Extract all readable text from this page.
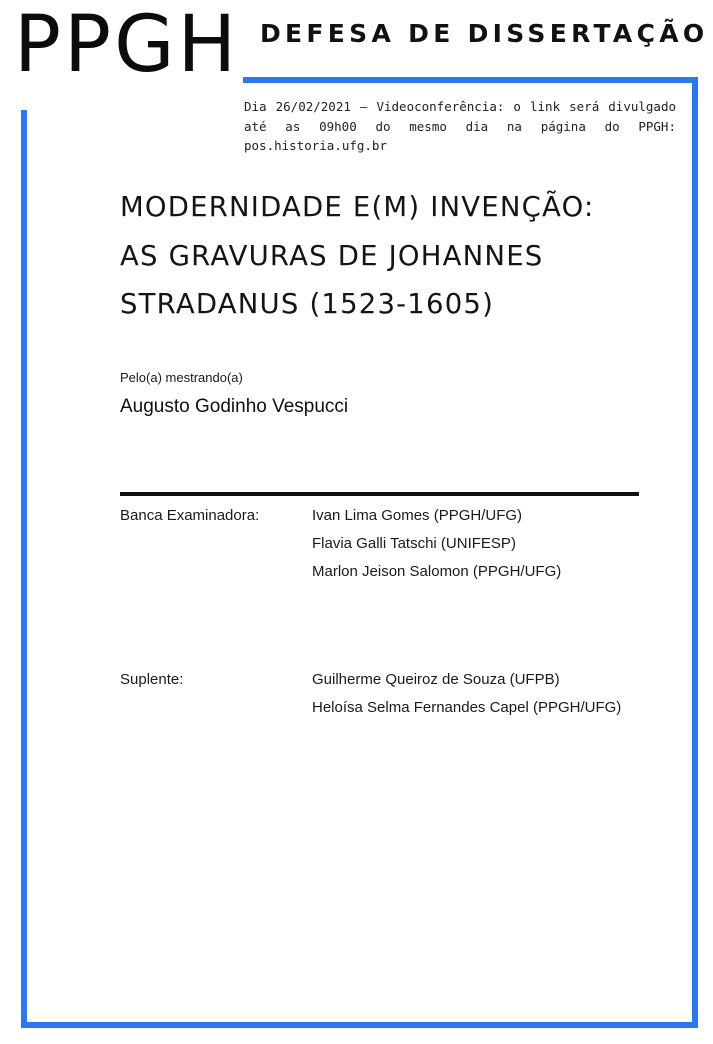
PPGH DEFESA DE DISSERTAÇÃO
Dia 26/02/2021 – Videoconferência: o link será divulgado até as 09h00 do mesmo dia na página do PPGH: pos.historia.ufg.br
MODERNIDADE E(M) INVENÇÃO:
AS GRAVURAS DE JOHANNES
STRADANUS (1523-1605)
Pelo(a) mestrando(a)
Augusto Godinho Vespucci
Banca Examinadora:	Ivan Lima Gomes (PPGH/UFG)
Flavia Galli Tatschi (UNIFESP)
Marlon Jeison Salomon (PPGH/UFG)
Suplente:	Guilherme Queiroz de Souza (UFPB)
Heloísa Selma Fernandes Capel (PPGH/UFG)
